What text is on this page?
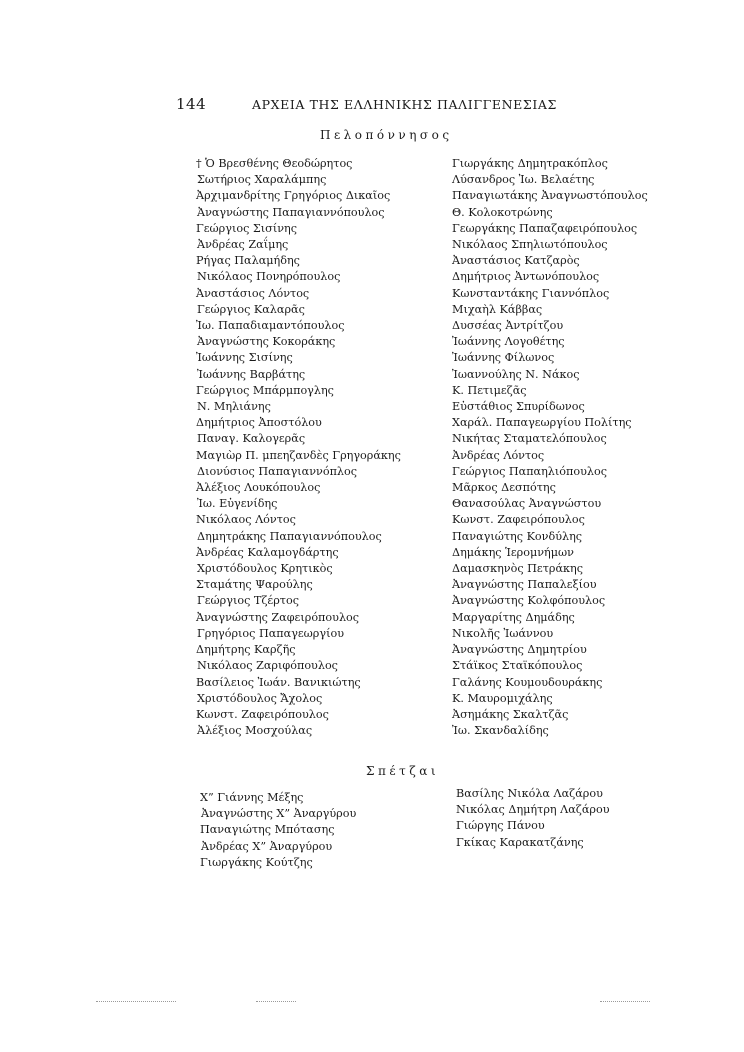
144	ΑΡΧΕΙΑ ΤΗΣ ΕΛΛΗΝΙΚΗΣ ΠΑΛΙΓΓΕΝΕΣΙΑΣ
Πελοπόννησος
† Ὁ Βρεσθένης Θεοδώρητος
Σωτήριος Χαραλάμπης
Ἀρχιμανδρίτης Γρηγόριος Δικαῖος
Ἀναγνώστης Παπαγιαννόπουλος
Γεώργιος Σισίνης
Ἀνδρέας Ζαΐμης
Ρήγας Παλαμήδης
Νικόλαος Πονηρόπουλος
Ἀναστάσιος Λόντος
Γεώργιος Καλαρᾶς
Ἰω. Παπαδιαμαντόπουλος
Ἀναγνώστης Κοκοράκης
Ἰωάννης Σισίνης
Ἰωάννης Βαρβάτης
Γεώργιος Μπάρμπογλης
Ν. Μηλιάνης
Δημήτριος Ἀποστόλου
Παναγ. Καλογερᾶς
Μαγιὼρ Π. μπεηζανδὲς Γρηγοράκης
Διονύσιος Παπαγιαννόπλος
Ἀλέξιος Λουκόπουλος
Ἰω. Εὐγενίδης
Νικόλαος Λόντος
Δημητράκης Παπαγιαννόπουλος
Ἀνδρέας Καλαμογδάρτης
Χριστόδουλος Κρητικὸς
Σταμάτης Ψαρούλης
Γεώργιος Τζέρτος
Ἀναγνώστης Ζαφειρόπουλος
Γρηγόριος Παπαγεωργίου
Δημήτρης Καρζῆς
Νικόλαος Ζαριφόπουλος
Βασίλειος Ἰωάν. Βανικιώτης
Χριστόδουλος Ἄχολος
Κωνστ. Ζαφειρόπουλος
Ἀλέξιος Μοσχούλας
Γιωργάκης Δημητρακόπλος
Λύσανδρος Ἰω. Βελαέτης
Παναγιωτάκης Ἀναγνωστόπουλος
Θ. Κολοκοτρώνης
Γεωργάκης Παπαζαφειρόπουλος
Νικόλαος Σπηλιωτόπουλος
Ἀναστάσιος Κατζαρὸς
Δημήτριος Ἀντωνόπουλος
Κωνσταντάκης Γιαννόπλος
Μιχαὴλ Κάββας
Δυσσέας Ἀντρίτζου
Ἰωάννης Λογοθέτης
Ἰωάννης Φίλωνος
Ἰωαννούλης Ν. Νάκος
Κ. Πετιμεζᾶς
Εὐστάθιος Σπυρίδωνος
Χαράλ. Παπαγεωργίου Πολίτης
Νικήτας Σταματελόπουλος
Ἀνδρέας Λόντος
Γεώργιος Παπαηλιόπουλος
Μᾶρκος Δεσπότης
Θανασούλας Ἀναγνώστου
Κωνστ. Ζαφειρόπουλος
Παναγιώτης Κονδύλης
Δημάκης Ἱερομνήμων
Δαμασκηνὸς Πετράκης
Ἀναγνώστης Παπαλεξίου
Ἀναγνώστης Κολφόπουλος
Μαργαρίτης Δημάδης
Νικολῆς Ἰωάννου
Ἀναγνώστης Δημητρίου
Στάϊκος Σταϊκόπουλος
Γαλάνης Κουμουδουράκης
Κ. Μαυρομιχάλης
Ἀσημάκης Σκαλτζᾶς
Ἰω. Σκανδαλίδης
Σπέτζαι
Χ” Γιάννης Μέξης
Ἀναγνώστης Χ” Ἀναργύρου
Παναγιώτης Μπότασης
Ἀνδρέας Χ” Ἀναργύρου
Γιωργάκης Κούτζης
Βασίλης Νικόλα Λαζάρου
Νικόλας Δημήτρη Λαζάρου
Γιώργης Πάνου
Γκίκας Καρακατζάνης
